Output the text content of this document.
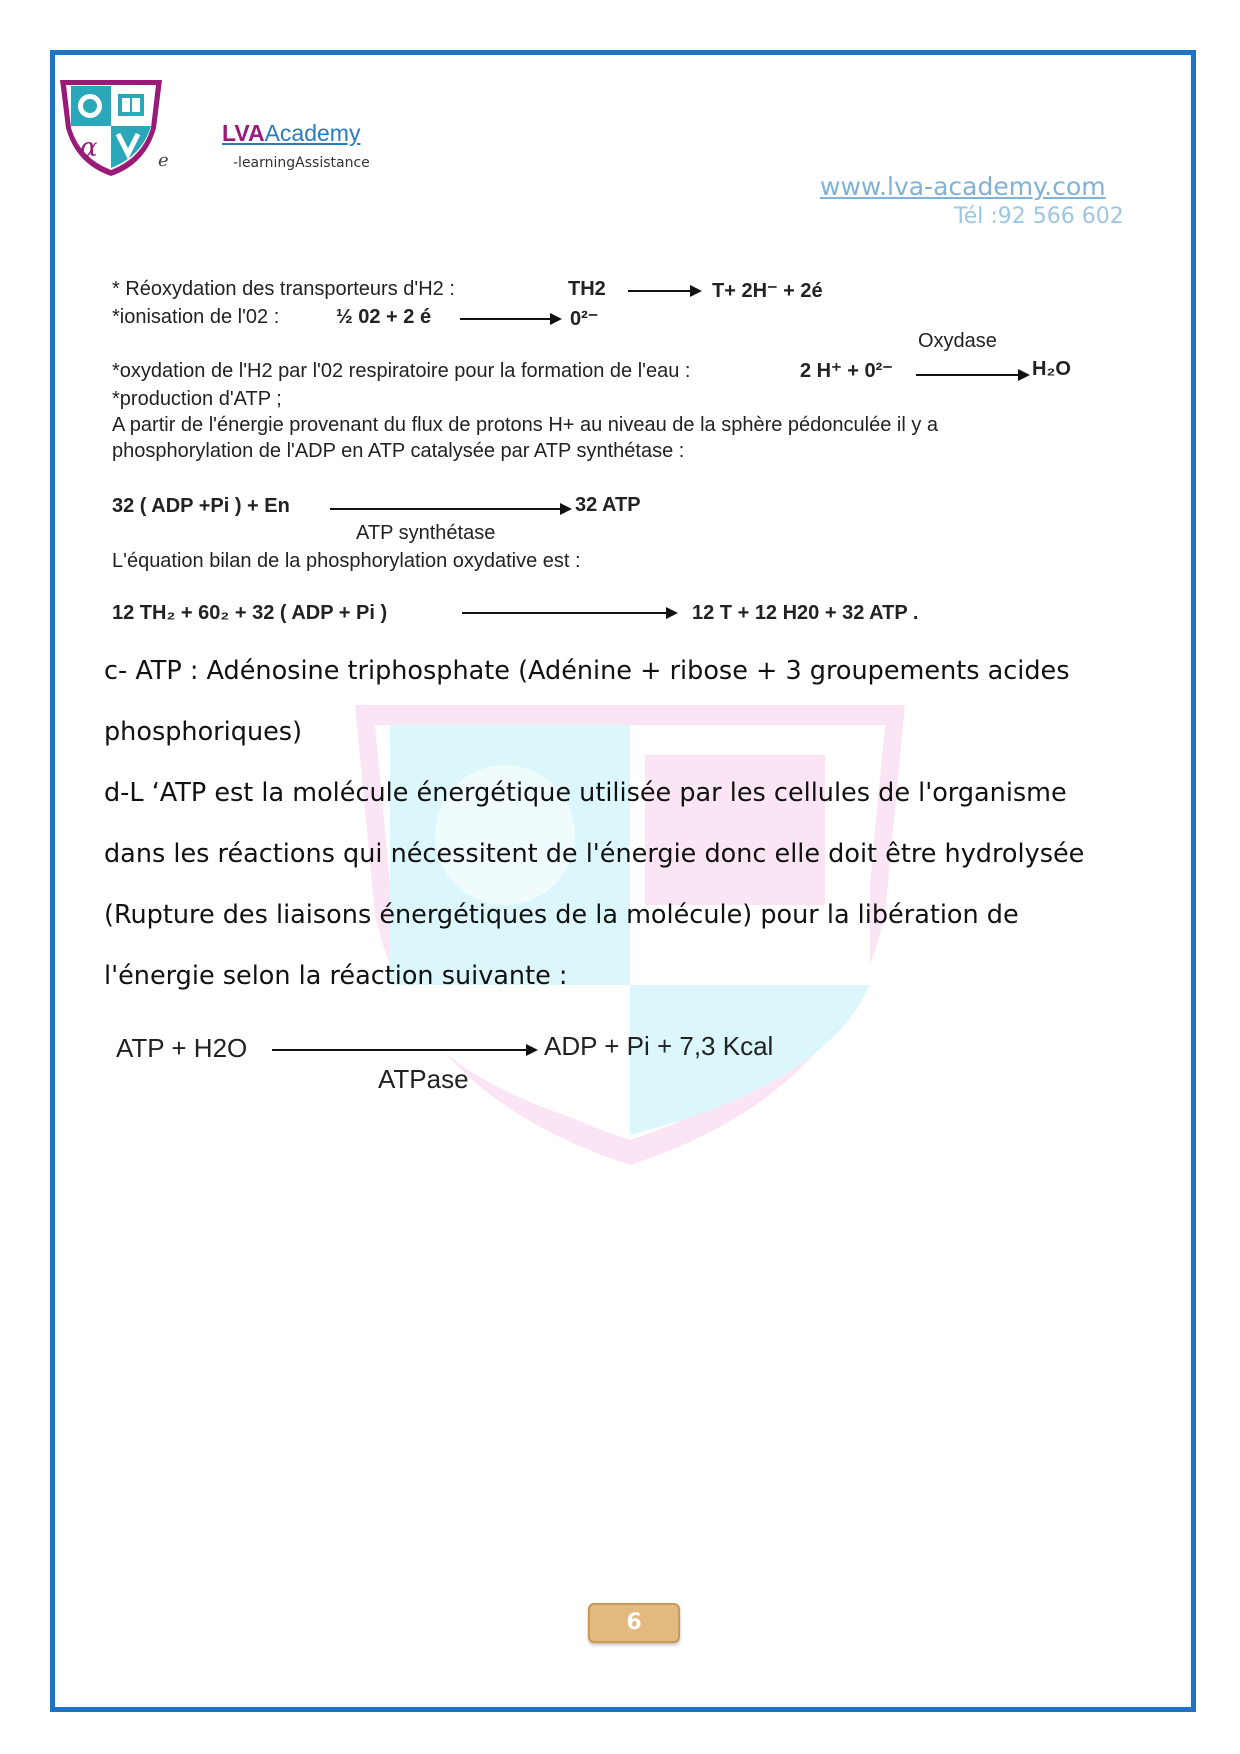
α	e
LVAAcademy
-learningAssistance
www.lva-academy.com
Tél :92 566 602
* Réoxydation des transporteurs d'H2 :	TH2	T+ 2H⁻ + 2é
*ionisation de l'02 :	½ 02 + 2 é	0²⁻
Oxydase
*oxydation de l'H2 par l'02 respiratoire pour la formation de l'eau :	2 H⁺ + 0²⁻	H₂O
*production d'ATP ;
A partir de l'énergie provenant du flux de protons H+ au niveau de la sphère pédonculée il y a
phosphorylation de l'ADP en ATP catalysée par ATP synthétase :
32 ( ADP +Pi ) + En	32 ATP
ATP synthétase
L'équation bilan de la phosphorylation oxydative est :
12 TH₂ + 60₂ + 32 ( ADP + Pi )	12 T + 12 H20 + 32 ATP .
c- ATP : Adénosine triphosphate (Adénine + ribose + 3 groupements acides
phosphoriques)
d-L ‘ATP est la molécule énergétique utilisée par les cellules de l'organisme
dans les réactions qui nécessitent de l'énergie donc elle doit être hydrolysée
(Rupture des liaisons énergétiques de la molécule) pour la libération de
l'énergie selon la réaction suivante :
ATP + H2O	ADP + Pi + 7,3 Kcal
ATPase
6
